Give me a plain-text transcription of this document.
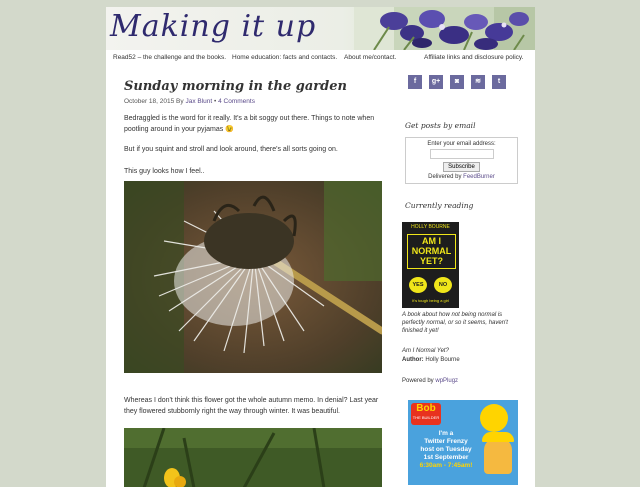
Making it up
Read52 – the challenge and the books. Home education: facts and contacts. About me/contact.	Affiliate links and disclosure policy.
Sunday morning in the garden
October 18, 2015 By Jax Blunt • 4 Comments

Bedraggled is the word for it really. It's a bit soggy out there. Things to note when pootling around in your pyjamas 😉

But if you squint and stroll and look around, there's all sorts going on.

This guy looks how I feel..

Whereas I don't think this flower got the whole autumn memo. In denial? Last year they flowered stubbornly right the way through winter. It was beautiful.

f	g+	◙	≋	t
Get posts by email
Enter your email address:
Subscribe
Delivered by FeedBurner
Currently reading
HOLLY BOURNE
AM I
NORMAL
YET?
YES	NO
It's tough being a girl
A book about how not being normal is perfectly normal, or so it seems, haven't finished it yet!
Am I Normal Yet?
Author: Holly Bourne
Powered by wpPlugz
Bob
THE BUILDER
I'm a
Twitter Frenzy
host on Tuesday
1st September
6:30am - 7:45am!
